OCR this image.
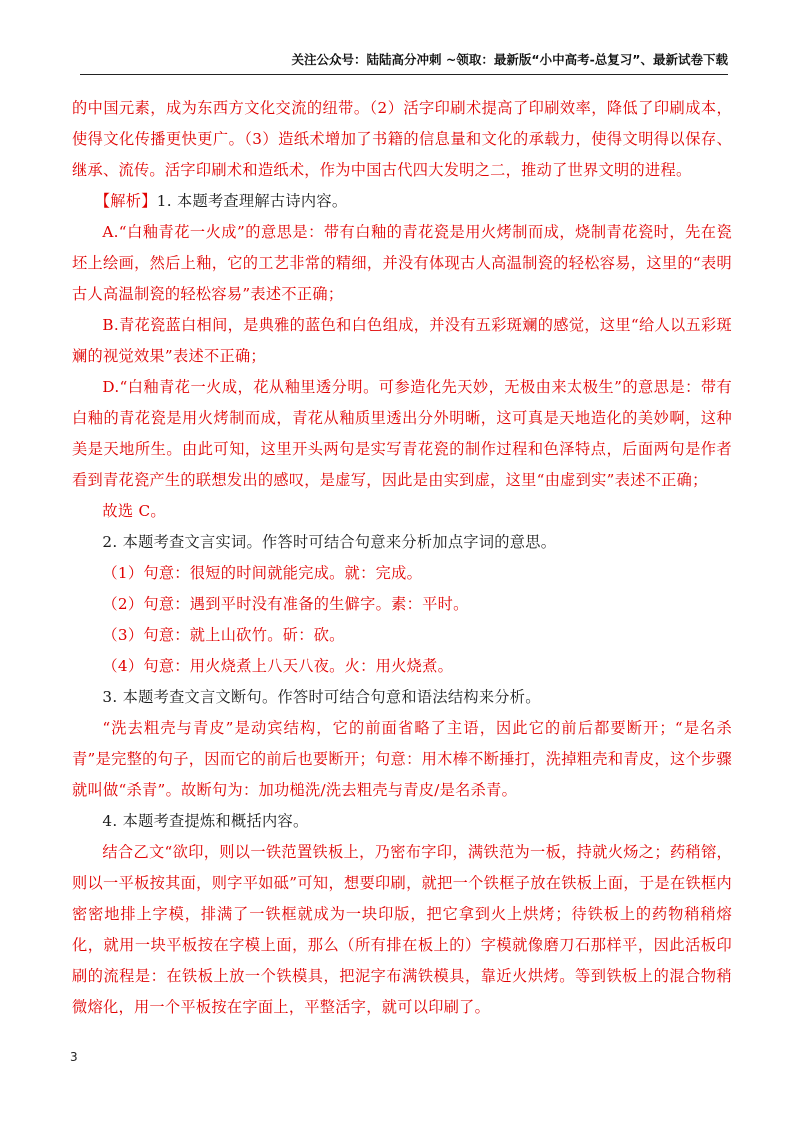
关注公众号：陆陆高分冲刺 ~领取：最新版“小中高考-总复习”、最新试卷下载

的中国元素，成为东西方文化交流的纽带。（2）活字印刷术提高了印刷效率，降低了印刷成本，使得文化传播更快更广。（3）造纸术增加了书籍的信息量和文化的承载力，使得文明得以保存、继承、流传。活字印刷术和造纸术，作为中国古代四大发明之二，推动了世界文明的进程。

【解析】1. 本题考查理解古诗内容。

A.“白釉青花一火成”的意思是：带有白釉的青花瓷是用火烤制而成，烧制青花瓷时，先在瓷坯上绘画，然后上釉，它的工艺非常的精细，并没有体现古人高温制瓷的轻松容易，这里的“表明古人高温制瓷的轻松容易”表述不正确；

B.青花瓷蓝白相间，是典雅的蓝色和白色组成，并没有五彩斑斓的感觉，这里“给人以五彩斑斓的视觉效果”表述不正确；

D.“白釉青花一火成，花从釉里透分明。可参造化先天妙，无极由来太极生”的意思是：带有白釉的青花瓷是用火烤制而成，青花从釉质里透出分外明晰，这可真是天地造化的美妙啊，这种美是天地所生。由此可知，这里开头两句是实写青花瓷的制作过程和色泽特点，后面两句是作者看到青花瓷产生的联想发出的感叹，是虚写，因此是由实到虚，这里“由虚到实”表述不正确；

故选 C。

2. 本题考查文言实词。作答时可结合句意来分析加点字词的意思。

（1）句意：很短的时间就能完成。就：完成。

（2）句意：遇到平时没有准备的生僻字。素：平时。

（3）句意：就上山砍竹。斫：砍。

（4）句意：用火烧煮上八天八夜。火：用火烧煮。

3. 本题考查文言文断句。作答时可结合句意和语法结构来分析。

“洗去粗壳与青皮”是动宾结构，它的前面省略了主语，因此它的前后都要断开；“是名杀青”是完整的句子，因而它的前后也要断开；句意：用木棒不断捶打，洗掉粗壳和青皮，这个步骤就叫做“杀青”。故断句为：加功槌洗/洗去粗壳与青皮/是名杀青。

4. 本题考查提炼和概括内容。

结合乙文“欲印，则以一铁范置铁板上，乃密布字印，满铁范为一板，持就火炀之；药稍镕，则以一平板按其面，则字平如砥”可知，想要印刷，就把一个铁框子放在铁板上面，于是在铁框内密密地排上字模，排满了一铁框就成为一块印版，把它拿到火上烘烤；待铁板上的药物稍稍熔化，就用一块平板按在字模上面，那么（所有排在板上的）字模就像磨刀石那样平，因此活板印刷的流程是：在铁板上放一个铁模具，把泥字布满铁模具，靠近火烘烤。等到铁板上的混合物稍微熔化，用一个平板按在字面上，平整活字，就可以印刷了。

3
